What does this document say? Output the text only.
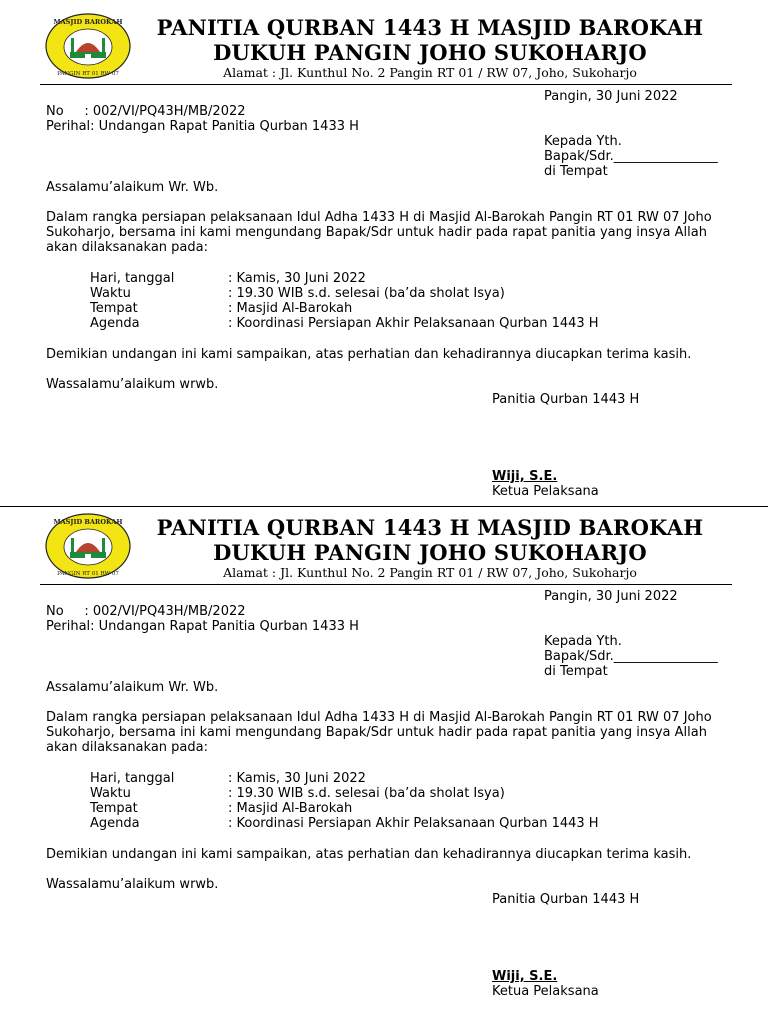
MASJID BAROKAH
PANGIN RT 01 RW 07
PANITIA QURBAN 1443 H MASJID BAROKAH
DUKUH PANGIN JOHO SUKOHARJO
Alamat : Jl. Kunthul No. 2 Pangin RT 01 / RW 07, Joho, Sukoharjo
Pangin, 30 Juni 2022
No     : 002/VI/PQ43H/MB/2022
Perihal: Undangan Rapat Panitia Qurban 1433 H
Kepada Yth.
Bapak/Sdr.________________
di Tempat
Assalamu’alaikum Wr. Wb.
Dalam rangka persiapan pelaksanaan Idul Adha 1433 H di Masjid Al-Barokah Pangin RT 01 RW 07 Joho
Sukoharjo, bersama ini kami mengundang Bapak/Sdr untuk hadir pada rapat panitia yang insya Allah
akan dilaksanakan pada:
Hari, tanggal	: Kamis, 30 Juni 2022
Waktu	: 19.30 WIB s.d. selesai (ba’da sholat Isya)
Tempat	: Masjid Al-Barokah
Agenda	: Koordinasi Persiapan Akhir Pelaksanaan Qurban 1443 H
Demikian undangan ini kami sampaikan, atas perhatian dan kehadirannya diucapkan terima kasih.
Wassalamu’alaikum wrwb.
Panitia Qurban 1443 H
Wiji, S.E.
Ketua Pelaksana
MASJID BAROKAH
PANGIN RT 01 RW 07
PANITIA QURBAN 1443 H MASJID BAROKAH
DUKUH PANGIN JOHO SUKOHARJO
Alamat : Jl. Kunthul No. 2 Pangin RT 01 / RW 07, Joho, Sukoharjo
Pangin, 30 Juni 2022
No     : 002/VI/PQ43H/MB/2022
Perihal: Undangan Rapat Panitia Qurban 1433 H
Kepada Yth.
Bapak/Sdr.________________
di Tempat
Assalamu’alaikum Wr. Wb.
Dalam rangka persiapan pelaksanaan Idul Adha 1433 H di Masjid Al-Barokah Pangin RT 01 RW 07 Joho
Sukoharjo, bersama ini kami mengundang Bapak/Sdr untuk hadir pada rapat panitia yang insya Allah
akan dilaksanakan pada:
Hari, tanggal	: Kamis, 30 Juni 2022
Waktu	: 19.30 WIB s.d. selesai (ba’da sholat Isya)
Tempat	: Masjid Al-Barokah
Agenda	: Koordinasi Persiapan Akhir Pelaksanaan Qurban 1443 H
Demikian undangan ini kami sampaikan, atas perhatian dan kehadirannya diucapkan terima kasih.
Wassalamu’alaikum wrwb.
Panitia Qurban 1443 H
Wiji, S.E.
Ketua Pelaksana
